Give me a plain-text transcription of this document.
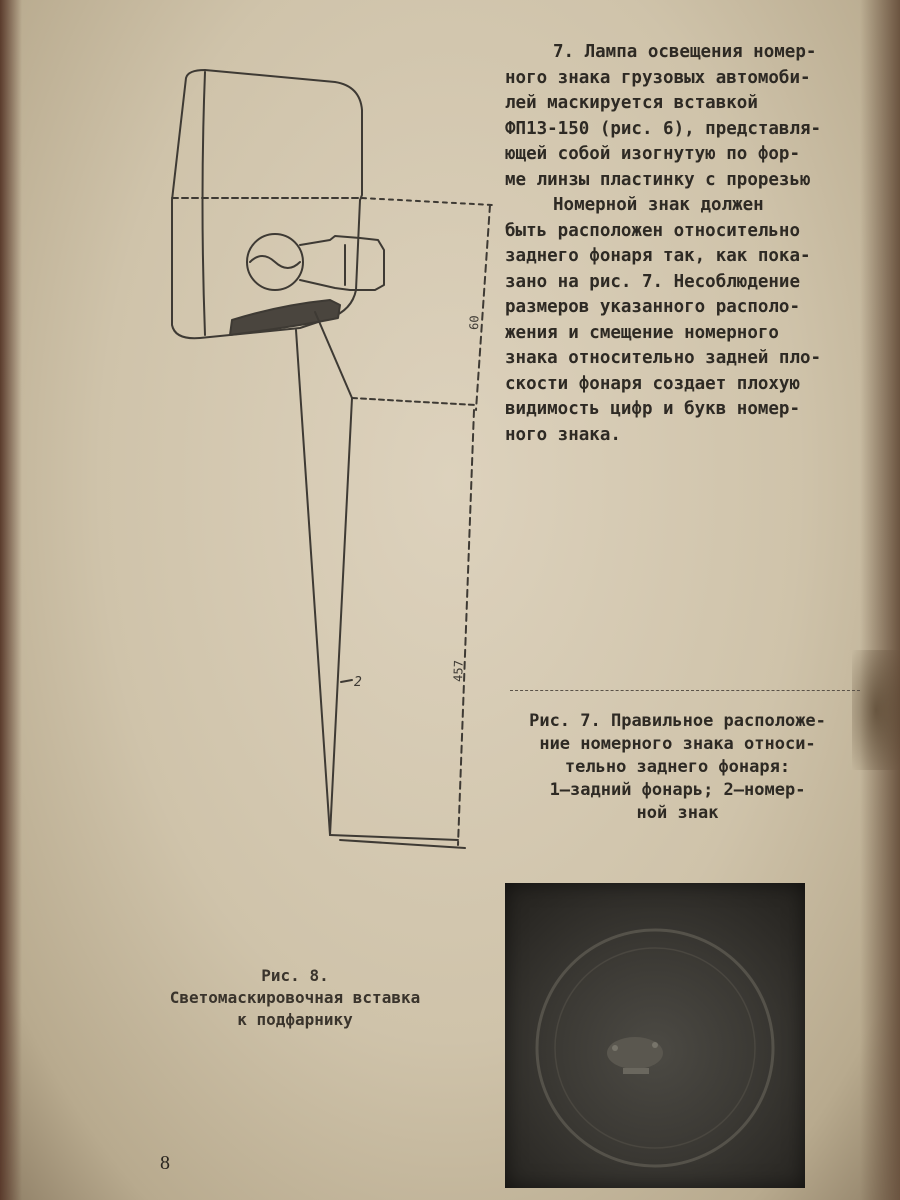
60
457
2

7. Лампа освещения номер-
ного знака грузовых автомоби-
лей маскируется вставкой
ФП13-150 (рис. 6), представля-
ющей собой изогнутую по фор-
ме линзы пластинку с прорезью
Номерной знак должен
быть расположен относительно
заднего фонаря так, как пока-
зано на рис. 7. Несоблюдение
размеров указанного располо-
жения и смещение номерного
знака относительно задней пло-
скости фонаря создает плохую
видимость цифр и букв номер-
ного знака.

Рис. 7. Правильное расположе-
ние номерного знака относи-
тельно заднего фонаря:
1—задний фонарь; 2—номер-
ной знак
Рис. 8.
Светомаскировочная вставка
к подфарнику
8
